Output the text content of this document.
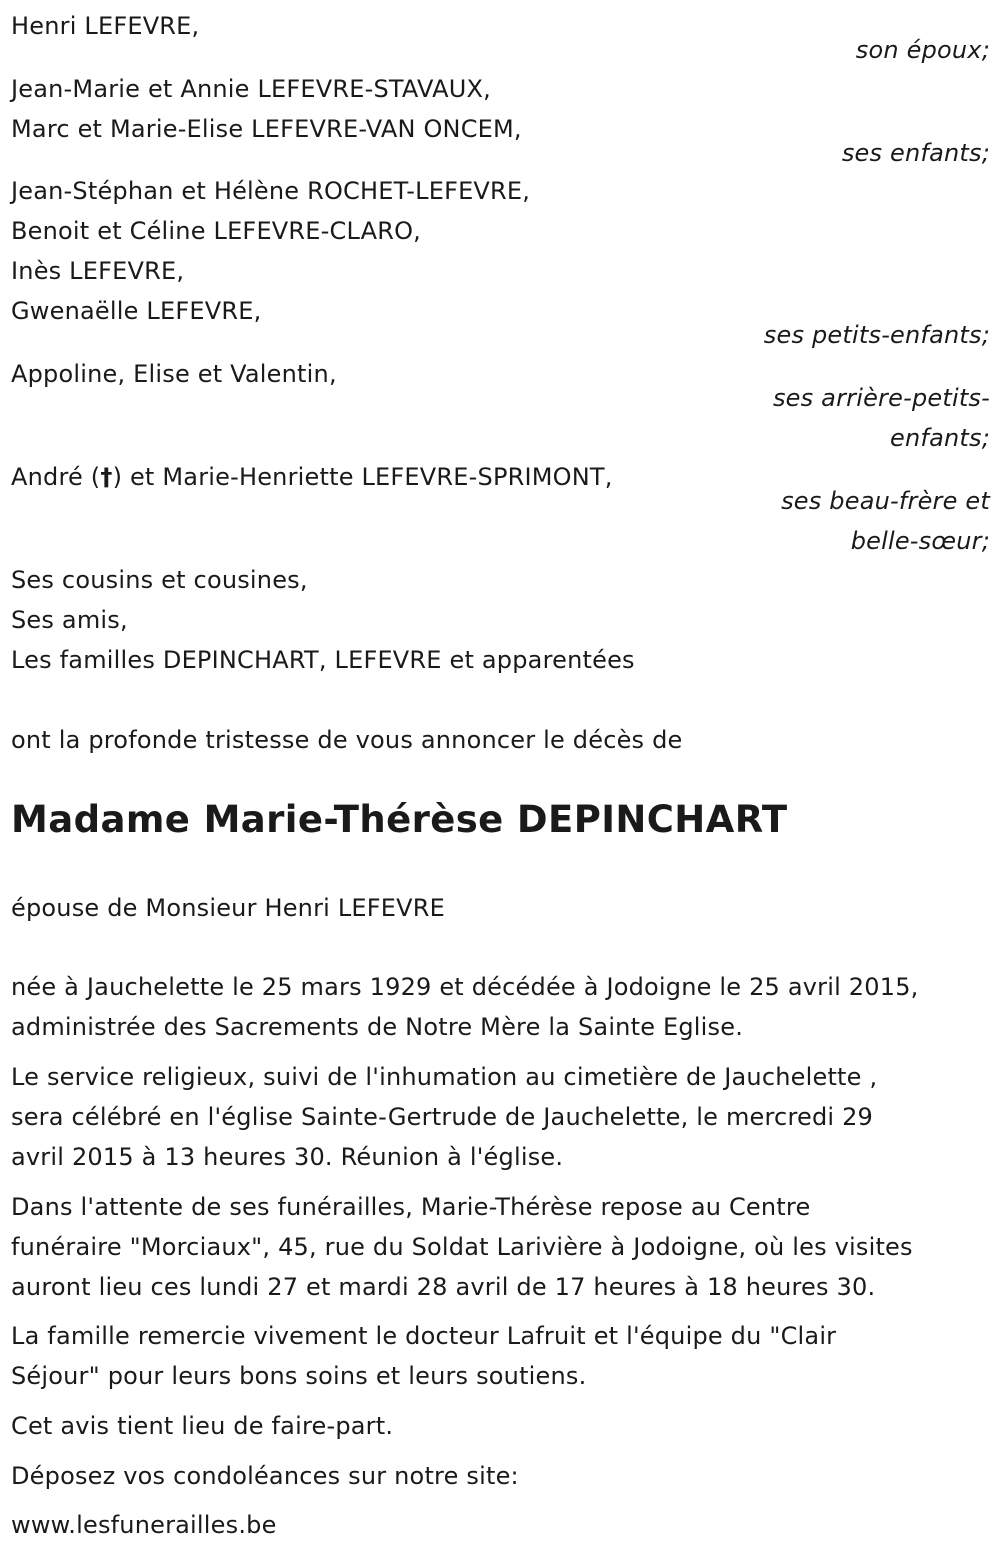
Henri LEFEVRE,
son époux;
Jean-Marie et Annie LEFEVRE-STAVAUX,
Marc et Marie-Elise LEFEVRE-VAN ONCEM,
ses enfants;
Jean-Stéphan et Hélène ROCHET-LEFEVRE,
Benoit et Céline LEFEVRE-CLARO,
Inès LEFEVRE,
Gwenaëlle LEFEVRE,
ses petits-enfants;
Appoline, Elise et Valentin,
ses arrière-petits-
enfants;
André (†) et Marie-Henriette LEFEVRE-SPRIMONT,
ses beau-frère et
belle-sœur;
Ses cousins et cousines,
Ses amis,
Les familles DEPINCHART, LEFEVRE et apparentées
ont la profonde tristesse de vous annoncer le décès de
Madame Marie-Thérèse DEPINCHART
épouse de Monsieur Henri LEFEVRE
née à Jauchelette le 25 mars 1929 et décédée à Jodoigne le 25 avril 2015,
administrée des Sacrements de Notre Mère la Sainte Eglise.
Le service religieux, suivi de l'inhumation au cimetière de Jauchelette ,
sera célébré en l'église Sainte-Gertrude de Jauchelette, le mercredi 29
avril 2015 à 13 heures 30. Réunion à l'église.
Dans l'attente de ses funérailles, Marie-Thérèse repose au Centre
funéraire "Morciaux", 45, rue du Soldat Larivière à Jodoigne, où les visites
auront lieu ces lundi 27 et mardi 28 avril de 17 heures à 18 heures 30.
La famille remercie vivement le docteur Lafruit et l'équipe du "Clair
Séjour" pour leurs bons soins et leurs soutiens.
Cet avis tient lieu de faire-part.
Déposez vos condoléances sur notre site:
www.lesfunerailles.be
